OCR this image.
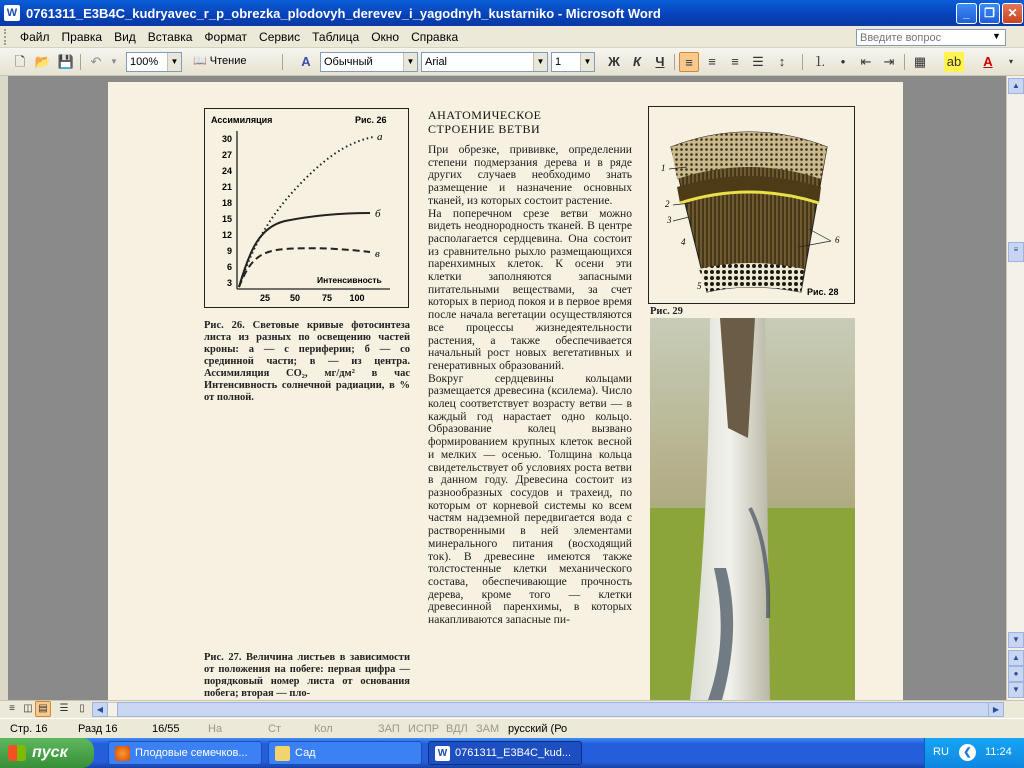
W 0761311_E3B4C_kudryavec_r_p_obrezka_plodovyh_derevev_i_yagodnyh_kustarniko - Microsoft Word	_	❐	✕
Файл	Правка	Вид	Вставка	Формат	Сервис	Таблица	Окно	Справка
Введите вопрос	▼
🗋 📂 💾	↶	▼	100%	▼ 📖 Чтение	A	Обычный	▼ Arial	▼ 1	▼	Ж	К	Ч	≡	≡	≡	☰	↕	⒈	•	⇤ ⇥	▦ ab	A	▾
Ассимиляция	Рис. 26
30
27
24
21
18
15
12
9
6
3
25 50 75 100
Интенсивность
а
б
в
Рис. 26. Световые кривые фотосинтеза листа из разных по освещению частей кроны: а — с периферии; б — со срединной части; в — из центра. Ассимиляция CO₂, мг/дм² в час Интенсивность солнечной радиации, в % от полной.
Рис. 27. Величина листьев в зависимости от положения на побеге: первая цифра — порядковый номер листа от основания побега; вторая — пло-
АНАТОМИЧЕСКОЕ
СТРОЕНИЕ ВЕТВИ
При обрезке, прививке, определении степени подмерзания дерева и в ряде других случаев необходимо знать размещение и назначение основных тканей, из которых состоит растение.
На поперечном срезе ветви можно видеть неоднородность тканей. В центре располагается сердцевина. Она состоит из сравнительно рыхло размещающихся паренхимных клеток. К осени эти клетки заполняются запасными питательными веществами, за счет которых в период покоя и в первое время после начала вегетации осуществляются все процессы жизнедеятельности растения, а также обеспечивается начальный рост новых вегетативных и генеративных образований.
Вокруг сердцевины кольцами размещается древесина (ксилема). Число колец соответствует возрасту ветви — в каждый год нарастает одно кольцо. Образование колец вызвано формированием крупных клеток весной и мелких — осенью. Толщина кольца свидетельствует об условиях роста ветви в данном году. Древесина состоит из разнообразных сосудов и трахеид, по которым от корневой системы ко всем частям надземной передвигается вода с растворенными в ней элементами минерального питания (восходящий ток). В древесине имеются также толстостенные клетки механического состава, обеспечивающие прочность дерева, кроме того — клетки древесинной паренхимы, в которых накапливаются запасные пи-
1
2
3
4
5
6
Рис. 28
Рис. 29
▲
≡
▼
▲
●
▼
≡ ◫ ▤	☰	▯	◀	▶
Стр. 16	Разд 16	16/55	На	Ст	Кол	ЗАП ИСПР ВДЛ ЗАМ русский (Ро
пуск	Плодовые семечков...	Сад	W 0761311_E3B4C_kud...	RU	❮	11:24
